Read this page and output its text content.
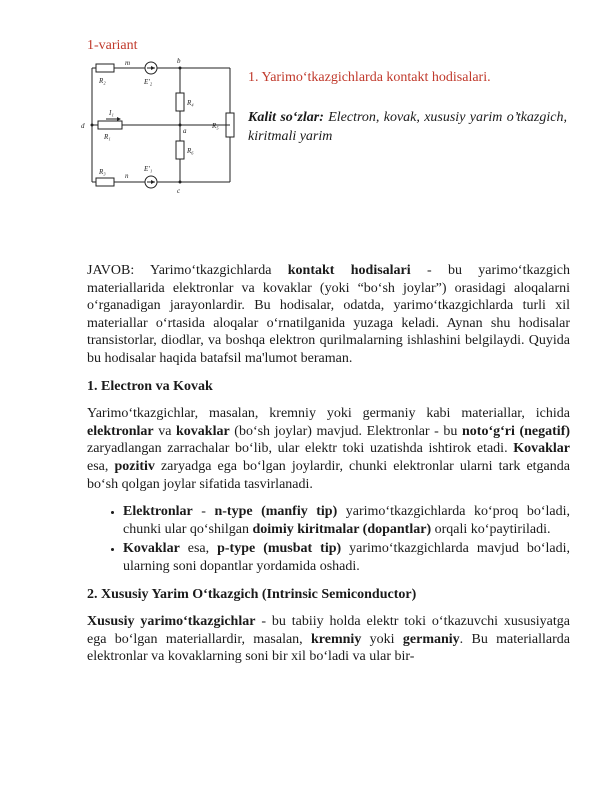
1-variant
R₂
m	b
E′₂
R₄
I₁
d
R₁
a
R₅
R₆
E′₁
R₃	n
c
1. Yarimo‘tkazgichlarda kontakt hodisalari.

Kalit so‘zlar: Electron, kovak, xususiy yarim o’tkazgich, kiritmali yarim

JAVOB: Yarimo‘tkazgichlarda kontakt hodisalari - bu yarimo‘tkazgich materiallarida elektronlar va kovaklar (yoki “bo‘sh joylar”) orasidagi aloqalarni o‘rganadigan jarayonlardir. Bu hodisalar, odatda, yarimo‘tkazgichlarda turli xil materiallar o‘rtasida aloqalar o‘rnatilganida yuzaga keladi. Aynan shu hodisalar transistorlar, diodlar, va boshqa elektron qurilmalarning ishlashini belgilaydi. Quyida bu hodisalar haqida batafsil ma'lumot beraman.

1. Electron va Kovak

Yarimo‘tkazgichlar, masalan, kremniy yoki germaniy kabi materiallar, ichida elektronlar va kovaklar (bo‘sh joylar) mavjud. Elektronlar - bu noto‘g‘ri (negatif) zaryadlangan zarrachalar bo‘lib, ular elektr toki uzatishda ishtirok etadi. Kovaklar esa, pozitiv zaryadga ega bo‘lgan joylardir, chunki elektronlar ularni tark etganda bo‘sh qolgan joylar sifatida tasvirlanadi.

• Elektronlar - n-type (manfiy tip) yarimo‘tkazgichlarda ko‘proq bo‘ladi, chunki ular qo‘shilgan doimiy kiritmalar (dopantlar) orqali ko‘paytiriladi.
• Kovaklar esa, p-type (musbat tip) yarimo‘tkazgichlarda mavjud bo‘ladi, ularning soni dopantlar yordamida oshadi.
2. Xususiy Yarim O‘tkazgich (Intrinsic Semiconductor)

Xususiy yarimo‘tkazgichlar - bu tabiiy holda elektr toki o‘tkazuvchi xususiyatga ega bo‘lgan materiallardir, masalan, kremniy yoki germaniy. Bu materiallarda elektronlar va kovaklarning soni bir xil bo‘ladi va ular bir-
